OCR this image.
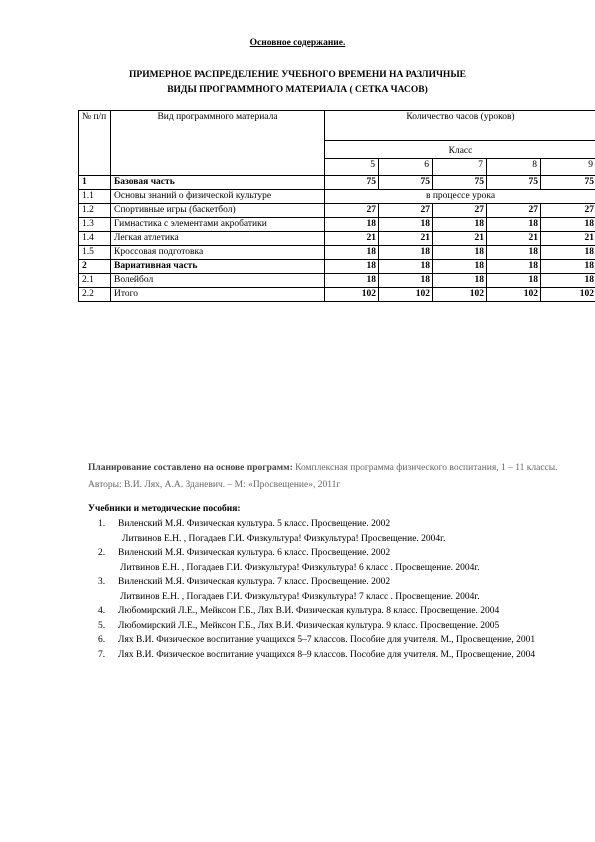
Основное содержание.
ПРИМЕРНОЕ РАСПРЕДЕЛЕНИЕ УЧЕБНОГО ВРЕМЕНИ НА РАЗЛИЧНЫЕ
ВИДЫ ПРОГРАММНОГО МАТЕРИАЛА ( СЕТКА ЧАСОВ)
№ п/п	Вид программного материала	Количество часов (уроков)				
		Класс				
		5	6	7	8	9
1	Базовая часть	75	75	75	75	75
1.1	Основы знаний о физической культуре	в процессе урока				
1.2	Спортивные игры (баскетбол)	27	27	27	27	27
1.3	Гимнастика с элементами акробатики	18	18	18	18	18
1.4	Легкая атлетика	21	21	21	21	21
1.5	Кроссовая подготовка	18	18	18	18	18
2	Вариативная часть	18	18	18	18	18
2.1	Волейбол	18	18	18	18	18
2.2	Итого	102	102	102	102	102
Планирование составлено на основе программ: Комплексная программа физического воспитания, 1 – 11 классы. Авторы: В.И. Лях, А.А. Зданевич. – М: «Просвещение», 2011г
Учебники и методические пособия:
1. Виленский М.Я. Физическая культура. 5 класс. Просвещение. 2002
Литвинов Е.Н. , Погадаев Г.И. Физкультура! Физкультура! Просвещение. 2004г.
2. Виленский М.Я. Физическая культура. 6 класс. Просвещение. 2002
Литвинов Е.Н. , Погадаев Г.И. Физкультура! Физкультура! 6 класс . Просвещение. 2004г.
3. Виленский М.Я. Физическая культура. 7 класс. Просвещение. 2002
Литвинов Е.Н. , Погадаев Г.И. Физкультура! Физкультура! 7 класс . Просвещение. 2004г.
4. Любомирский Л.Е., Мейксон Г.Б., Лях В.И. Физическая культура. 8 класс. Просвещение. 2004
5. Любомирский Л.Е., Мейксон Г.Б., Лях В.И. Физическая культура. 9 класс. Просвещение. 2005
6. Лях В.И. Физическое воспитание учащихся 5–7 классов. Пособие для учителя. М., Просвещение, 2001
7. Лях В.И. Физическое воспитание учащихся 8–9 классов. Пособие для учителя. М., Просвещение, 2004
